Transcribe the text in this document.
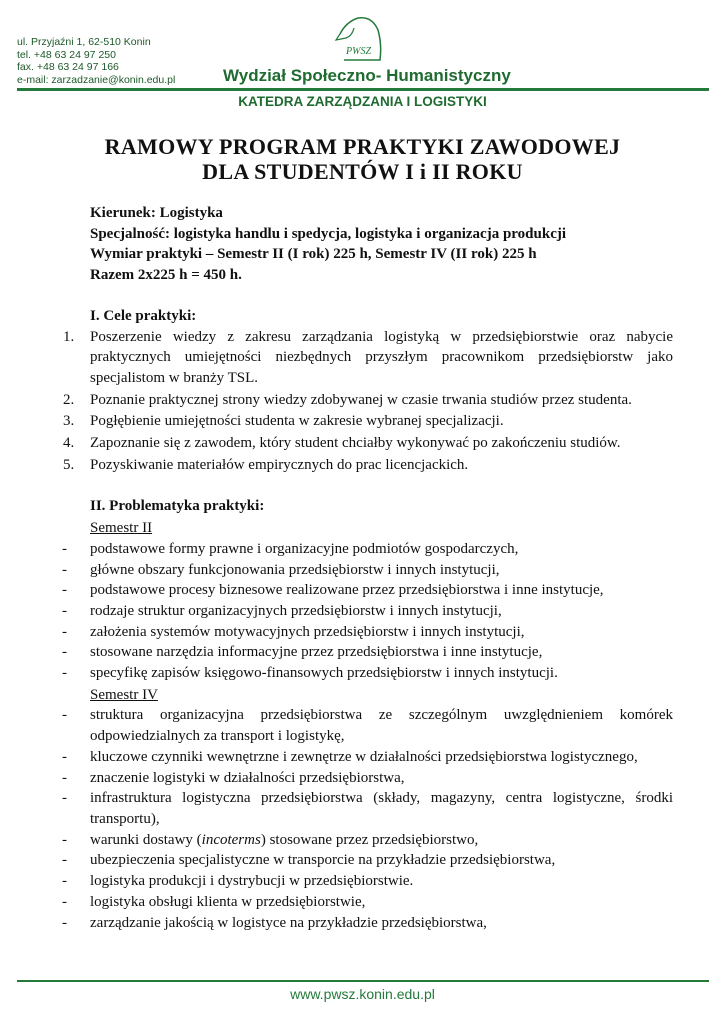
ul. Przyjaźni 1, 62-510 Konin
tel. +48 63 24 97 250
fax. +48 63 24 97 166
e-mail: zarzadzanie@konin.edu.pl
PWSZ
Wydział Społeczno- Humanistyczny
KATEDRA ZARZĄDZANIA I LOGISTYKI
RAMOWY PROGRAM PRAKTYKI ZAWODOWEJ
DLA STUDENTÓW I i II ROKU
Kierunek: Logistyka
Specjalność: logistyka handlu i spedycja, logistyka i organizacja produkcji
Wymiar praktyki – Semestr II (I rok) 225 h, Semestr IV (II rok) 225 h
Razem 2x225 h = 450 h.
I. Cele praktyki:
1. Poszerzenie wiedzy z zakresu zarządzania logistyką w przedsiębiorstwie oraz nabycie praktycznych umiejętności niezbędnych przyszłym pracownikom przedsiębiorstw jako specjalistom w branży TSL.
2. Poznanie praktycznej strony wiedzy zdobywanej w czasie trwania studiów przez studenta.
3. Pogłębienie umiejętności studenta w zakresie wybranej specjalizacji.
4. Zapoznanie się z zawodem, który student chciałby wykonywać po zakończeniu studiów.
5. Pozyskiwanie materiałów empirycznych do prac licencjackich.
II. Problematyka praktyki:
Semestr II
- podstawowe formy prawne i organizacyjne podmiotów gospodarczych,
- główne obszary funkcjonowania przedsiębiorstw i innych instytucji,
- podstawowe procesy biznesowe realizowane przez przedsiębiorstwa i inne instytucje,
- rodzaje struktur organizacyjnych przedsiębiorstw i innych instytucji,
- założenia systemów motywacyjnych przedsiębiorstw i innych instytucji,
- stosowane narzędzia informacyjne przez przedsiębiorstwa i inne instytucje,
- specyfikę zapisów księgowo-finansowych przedsiębiorstw i innych instytucji.
Semestr IV
- struktura organizacyjna przedsiębiorstwa ze szczególnym uwzględnieniem komórek odpowiedzialnych za transport i logistykę,
- kluczowe czynniki wewnętrzne i zewnętrze w działalności przedsiębiorstwa logistycznego,
- znaczenie logistyki w działalności przedsiębiorstwa,
- infrastruktura logistyczna przedsiębiorstwa (składy, magazyny, centra logistyczne, środki transportu),
- warunki dostawy (incoterms) stosowane przez przedsiębiorstwo,
- ubezpieczenia specjalistyczne w transporcie na przykładzie przedsiębiorstwa,
- logistyka produkcji i dystrybucji w przedsiębiorstwie.
- logistyka obsługi klienta w przedsiębiorstwie,
- zarządzanie jakością w logistyce na przykładzie przedsiębiorstwa,
www.pwsz.konin.edu.pl
